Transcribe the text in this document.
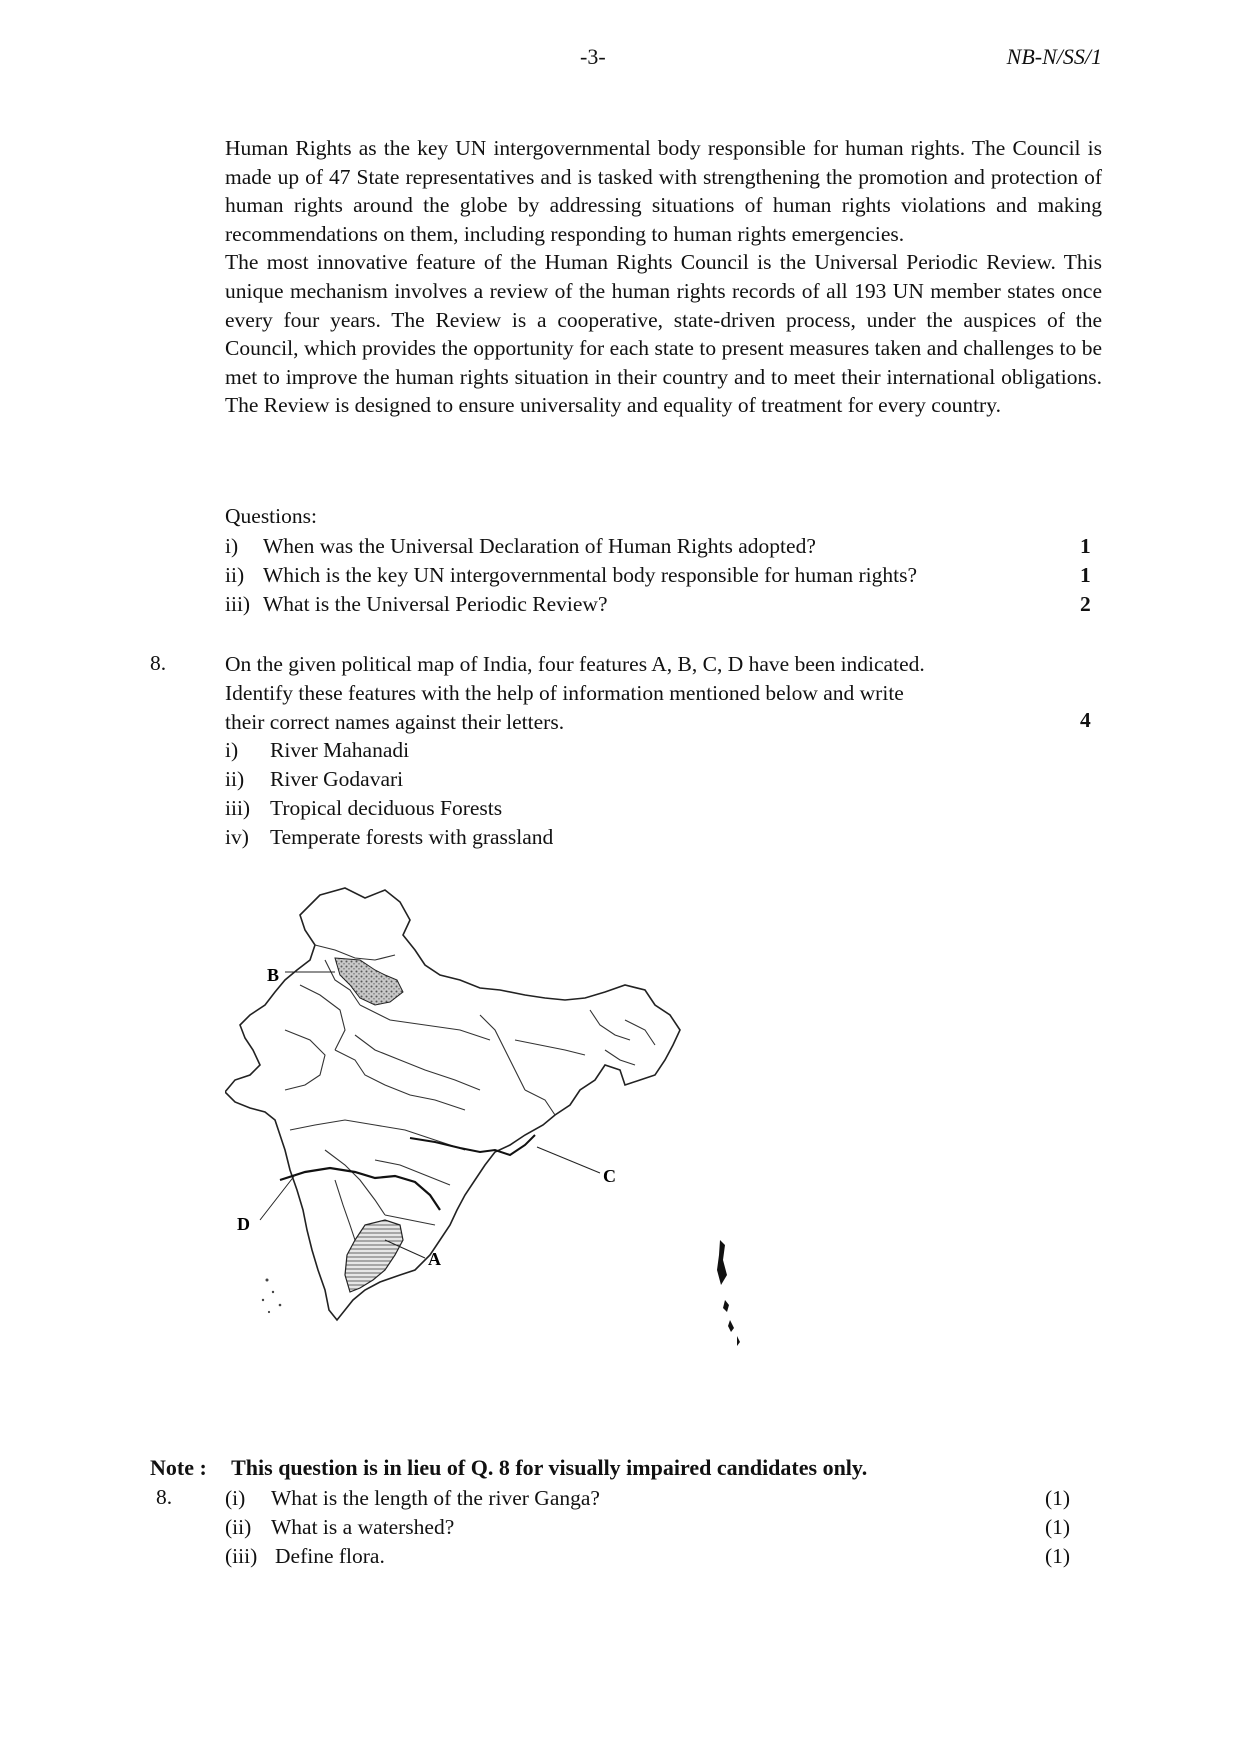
-3-	NB-N/SS/1

Human Rights as the key UN intergovernmental body responsible for human rights. The Council is made up of 47 State representatives and is tasked with strengthening the promotion and protection of human rights around the globe by addressing situations of human rights violations and making recommendations on them, including responding to human rights emergencies.

The most innovative feature of the Human Rights Council is the Universal Periodic Review. This unique mechanism involves a review of the human rights records of all 193 UN member states once every four years. The Review is a cooperative, state-driven process, under the auspices of the Council, which provides the opportunity for each state to present measures taken and challenges to be met to improve the human rights situation in their country and to meet their international obligations. The Review is designed to ensure universality and equality of treatment for every country.

Questions:
i) When was the Universal Declaration of Human Rights adopted?	1
ii) Which is the key UN intergovernmental body responsible for human rights?	1
iii) What is the Universal Periodic Review?	2
8.	On the given political map of India, four features A, B, C, D have been indicated.

Identify these features with the help of information mentioned below and write

their correct names against their letters.	4
i) River Mahanadi
ii) River Godavari
iii) Tropical deciduous Forests
iv) Temperate forests with grassland
B
C
D
A
Note : This question is in lieu of Q. 8 for visually impaired candidates only.
8. (i) What is the length of the river Ganga?	(1)
(ii) What is a watershed?	(1)
(iii) Define flora.	(1)
